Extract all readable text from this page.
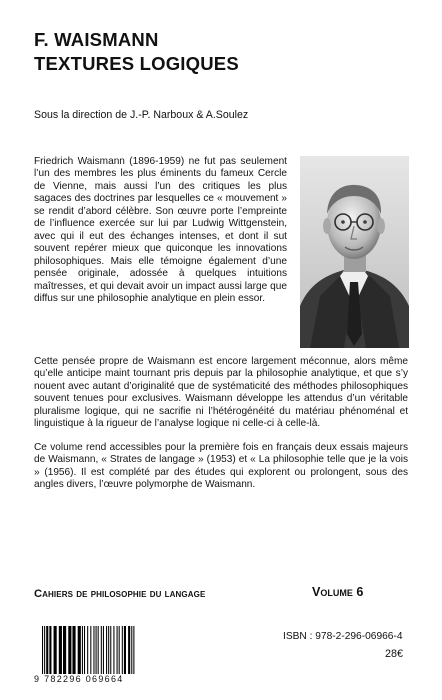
F. WAISMANN
TEXTURES LOGIQUES

Sous la direction de J.-P. Narboux & A.Soulez

Friedrich Waismann (1896-1959) ne fut pas seulement l’un des membres les plus éminents du fameux Cercle de Vienne, mais aussi l’un des critiques les plus sagaces des doctrines par lesquelles ce « mouvement » se rendit d’abord célèbre. Son œuvre porte l’empreinte de l’influence exercée sur lui par Ludwig Wittgenstein, avec qui il eut des échanges intenses, et dont il sut souvent repérer mieux que quiconque les innovations philosophiques. Mais elle témoigne également d’une pensée originale, adossée à quelques intuitions maîtresses, et qui devait avoir un impact aussi large que diffus sur une philosophie analytique en plein essor.

Cette pensée propre de Waismann est encore largement méconnue, alors même qu’elle anticipe maint tournant pris depuis par la philosophie analytique, et que s’y nouent avec autant d’originalité que de systématicité des méthodes philosophiques souvent tenues pour exclusives. Waismann développe les attendus d’un véritable pluralisme logique, qui ne sacrifie ni l’hétérogénéité du matériau phénoménal et linguistique à la rigueur de l’analyse logique ni celle-ci à celle-là.

Ce volume rend accessibles pour la première fois en français deux essais majeurs de Waismann, « Strates de langage » (1953) et « La philosophie telle que je la vois » (1956). Il est complété par des études qui explorent ou prolongent, sous des angles divers, l’œuvre polymorphe de Waismann.

Cahiers de philosophie du langage	Volume 6

9 782296 069664

ISBN : 978-2-296-06966-4

28€
